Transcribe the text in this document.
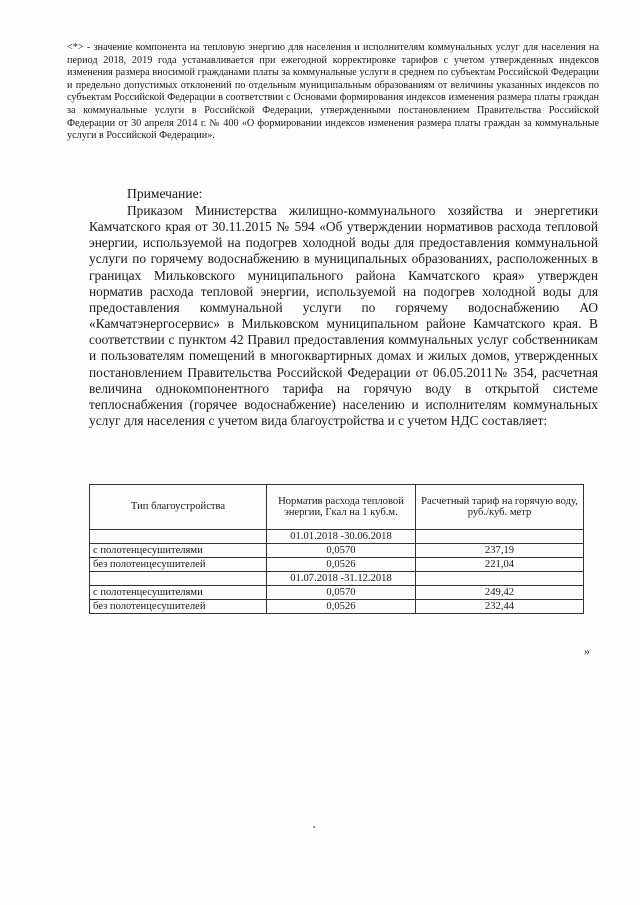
<*> - значение компонента на тепловую энергию для населения и исполнителям коммунальных услуг для населения на период 2018, 2019 года устанавливается при ежегодной корректировке тарифов с учетом утвержденных индексов изменения размера вносимой гражданами платы за коммунальные услуги в среднем по субъектам Российской Федерации и предельно допустимых отклонений по отдельным муниципальным образованиям от величины указанных индексов по субъектам Российской Федерации в соответствии с Основами формирования индексов изменения размера платы граждан за коммунальные услуги в Российской Федерации, утвержденными постановлением Правительства Российской Федерации от 30 апреля 2014 г. № 400 «О формировании индексов изменения размера платы граждан за коммунальные услуги в Российской Федерации».
Примечание:

Приказом Министерства жилищно-коммунального хозяйства и энергетики Камчатского края от 30.11.2015 № 594 «Об утверждении нормативов расхода тепловой энергии, используемой на подогрев холодной воды для предоставления коммунальной услуги по горячему водоснабжению в муниципальных образованиях, расположенных в границах Мильковского муниципального района Камчатского края» утвержден норматив расхода тепловой энергии, используемой на подогрев холодной воды для предоставления коммунальной услуги по горячему водоснабжению АО «Камчатэнергосервис» в Мильковском муниципальном районе Камчатского края. В соответствии с пунктом 42 Правил предоставления коммунальных услуг собственникам и пользователям помещений в многоквартирных домах и жилых домов, утвержденных постановлением Правительства Российской Федерации от 06.05.2011№ 354, расчетная величина однокомпонентного тарифа на горячую воду в открытой системе теплоснабжения (горячее водоснабжение) населению и исполнителям коммунальных услуг для населения с учетом вида благоустройства и с учетом НДС составляет:

Тип благоустройства	Норматив расхода тепловой энергии, Гкал на 1 куб.м.	Расчетный тариф на горячую воду, руб./куб. метр
	01.01.2018 -30.06.2018	
с полотенцесушителями	0,0570	237,19
без полотенцесушителей	0,0526	221,04
	01.07.2018 -31.12.2018	
с полотенцесушителями	0,0570	249,42
без полотенцесушителей	0,0526	232,44
»
